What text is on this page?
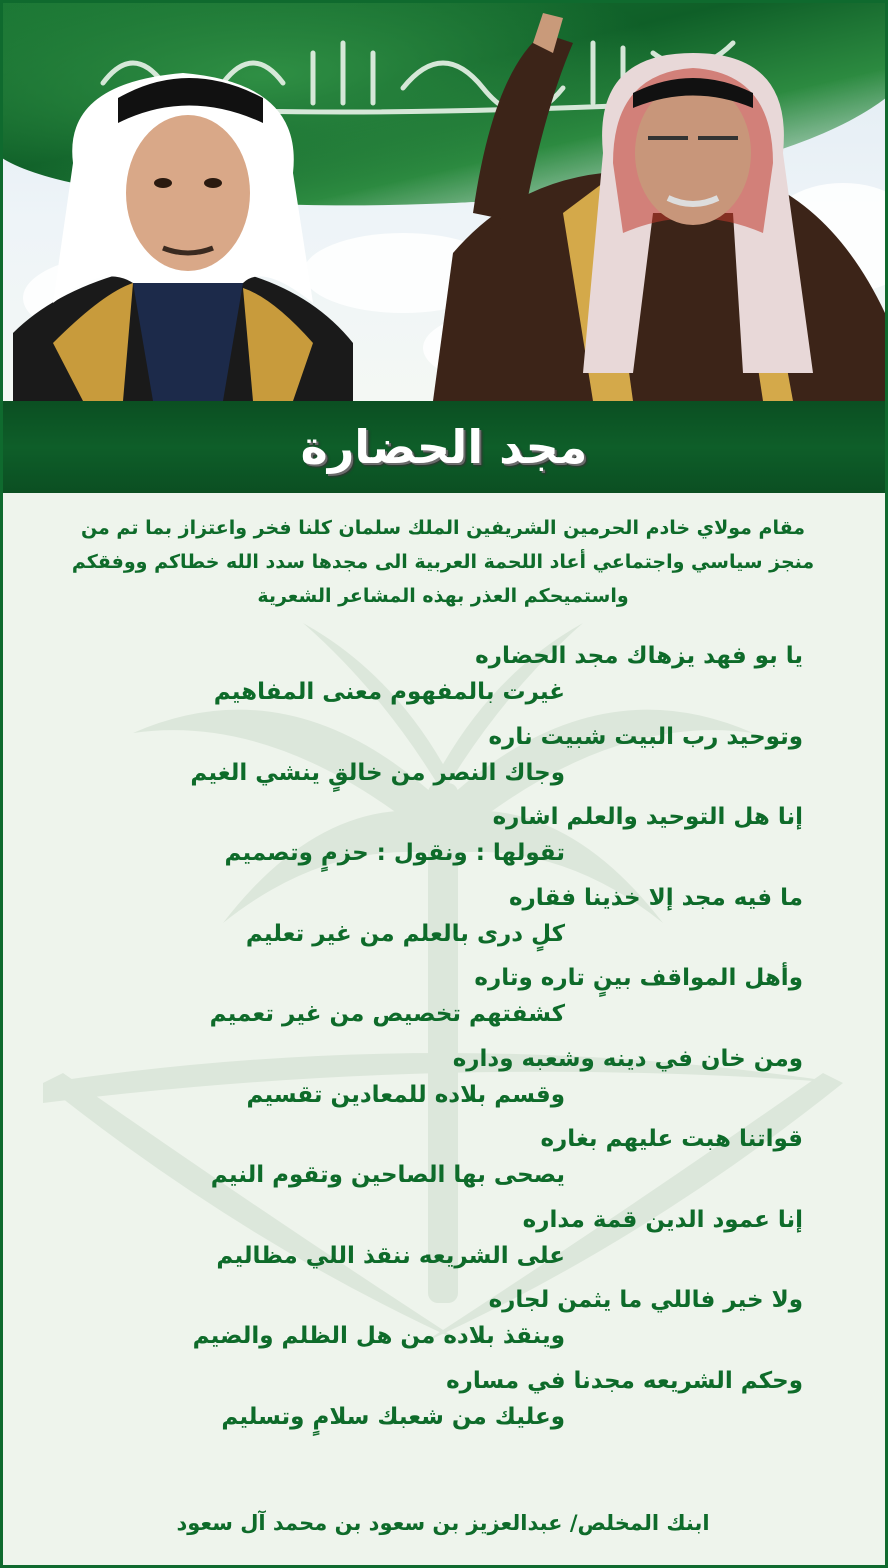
مجد الحضارة

مقام مولاي خادم الحرمين الشريفين الملك سلمان كلنا فخر واعتزاز بما تم من منجز سياسي واجتماعي أعاد اللحمة العربية الى مجدها سدد الله خطاكم ووفقكم واستميحكم العذر بهذه المشاعر الشعرية

يا بو فهد يزهاك مجد الحضاره
غيرت بالمفهوم معنى المفاهيم
وتوحيد رب البيت شبيت ناره
وجاك النصر من خالقٍ ينشي الغيم
إنا هل التوحيد والعلم اشاره
تقولها : ونقول : حزمٍ وتصميم
ما فيه مجد إلا خذينا فقاره
كلٍ درى بالعلم من غير تعليم
وأهل المواقف بينٍ تاره وتاره
كشفتهم تخصيص من غير تعميم
ومن خان في دينه وشعبه وداره
وقسم بلاده للمعادين تقسيم
قواتنا هبت عليهم بغاره
يصحى بها الصاحين وتقوم النيم
إنا عمود الدين قمة مداره
على الشريعه ننقذ اللي مظاليم
ولا خير فاللي ما يثمن لجاره
وينقذ بلاده من هل الظلم والضيم
وحكم الشريعه مجدنا في مساره
وعليك من شعبك سلامٍ وتسليم

ابنك المخلص/ عبدالعزيز بن سعود بن محمد آل سعود
